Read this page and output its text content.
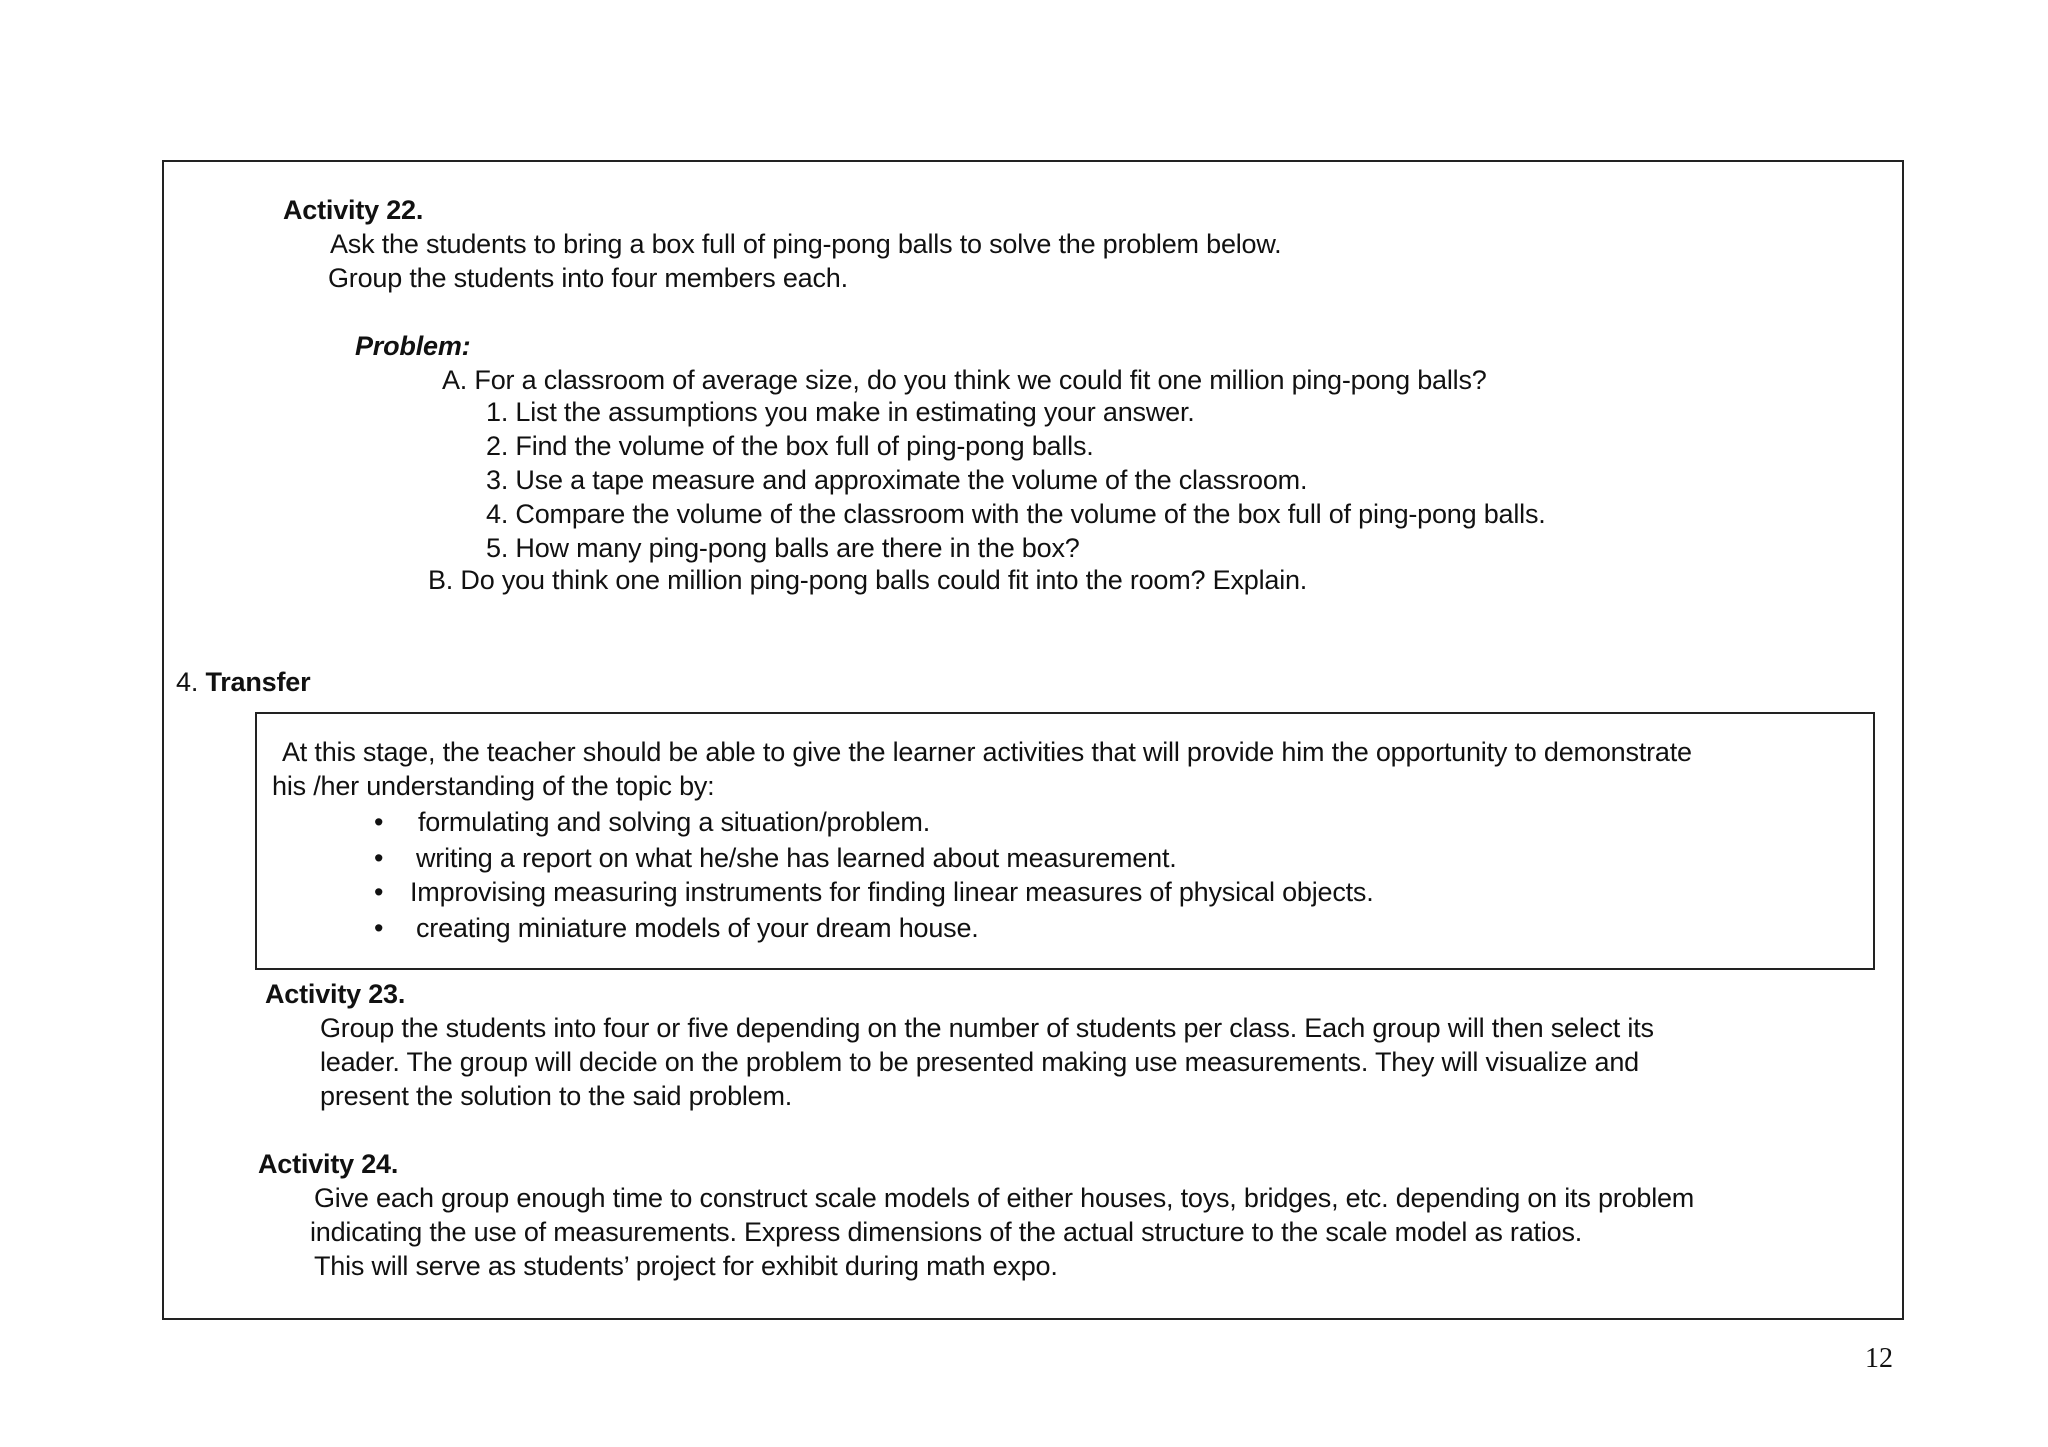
Activity 22.
Ask the students to bring a box full of ping-pong balls to solve the problem below.
Group the students into four members each.
Problem:
A. For a classroom of average size, do you think we could fit one million ping-pong balls?
1. List the assumptions you make in estimating your answer.
2. Find the volume of the box full of ping-pong balls.
3. Use a tape measure and approximate the volume of the classroom.
4. Compare the volume of the classroom with the volume of the box full of ping-pong balls.
5. How many ping-pong balls are there in the box?
B. Do you think one million ping-pong balls could fit into the room? Explain.
4. Transfer
At this stage, the teacher should be able to give the learner activities that will provide him the opportunity to demonstrate
his /her understanding of the topic by:
• formulating and solving a situation/problem.
• writing a report on what he/she has learned about measurement.
• Improvising measuring instruments for finding linear measures of physical objects.
• creating miniature models of your dream house.
Activity 23.
Group the students into four or five depending on the number of students per class. Each group will then select its
leader. The group will decide on the problem to be presented making use measurements. They will visualize and
present the solution to the said problem.
Activity 24.
Give each group enough time to construct scale models of either houses, toys, bridges, etc. depending on its problem
indicating the use of measurements. Express dimensions of the actual structure to the scale model as ratios.
This will serve as students’ project for exhibit during math expo.
12
